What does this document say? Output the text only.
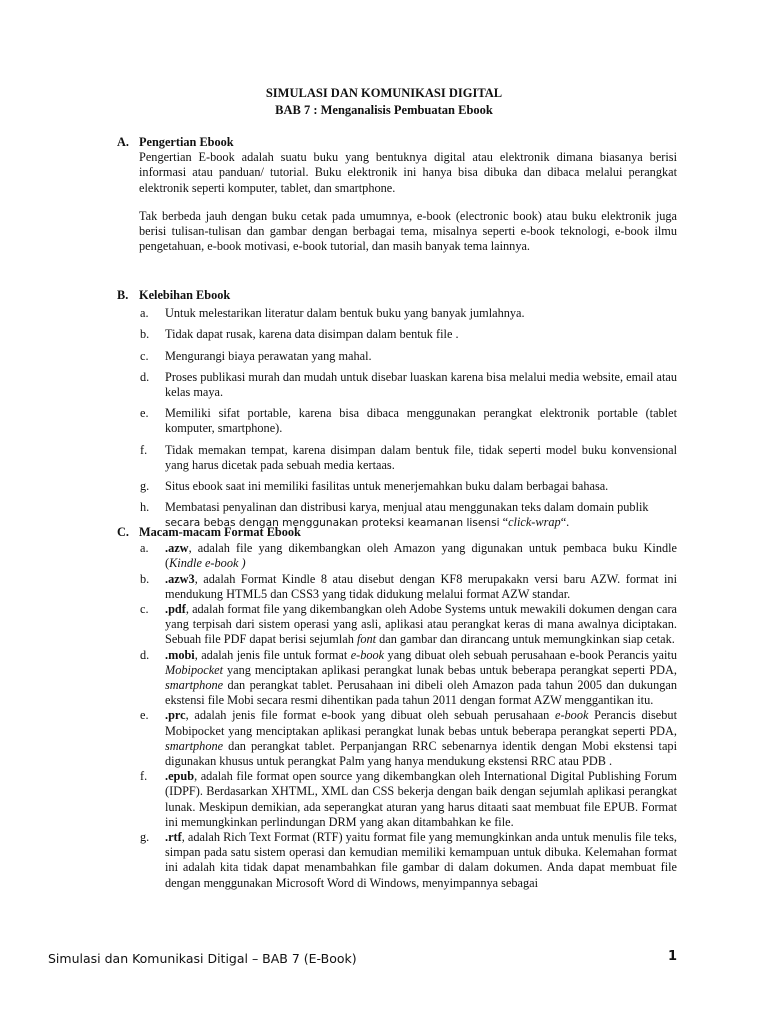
SIMULASI DAN KOMUNIKASI DIGITAL
BAB 7 : Menganalisis Pembuatan Ebook
A. Pengertian Ebook

Pengertian E-book adalah suatu buku yang bentuknya digital atau elektronik dimana biasanya berisi informasi atau panduan/ tutorial. Buku elektronik ini hanya bisa dibuka dan dibaca melalui perangkat elektronik seperti komputer, tablet, dan smartphone.

Tak berbeda jauh dengan buku cetak pada umumnya, e-book (electronic book) atau buku elektronik juga berisi tulisan-tulisan dan gambar dengan berbagai tema, misalnya seperti e-book teknologi, e-book ilmu pengetahuan, e-book motivasi, e-book tutorial, dan masih banyak tema lainnya.

B. Kelebihan Ebook
a.	Untuk melestarikan literatur dalam bentuk buku yang banyak jumlahnya.
b.	Tidak dapat rusak, karena data disimpan dalam bentuk file .
c.	Mengurangi biaya perawatan yang mahal.
d.	Proses publikasi murah dan mudah untuk disebar luaskan karena bisa melalui media website, email atau kelas maya.
e.	Memiliki sifat portable, karena bisa dibaca menggunakan perangkat elektronik portable (tablet komputer, smartphone).
f.	Tidak memakan tempat, karena disimpan dalam bentuk file, tidak seperti model buku konvensional yang harus dicetak pada sebuah media kertaas.
g.	Situs ebook saat ini memiliki fasilitas untuk menerjemahkan buku dalam berbagai bahasa.
h.	Membatasi penyalinan dan distribusi karya, menjual atau menggunakan teks dalam domain publik
secara bebas dengan menggunakan proteksi keamanan lisensi “click-wrap“.
C. Macam-macam Format Ebook
a.	.azw, adalah file yang dikembangkan oleh Amazon yang digunakan untuk pembaca buku Kindle (Kindle e-book )
b.	.azw3, adalah Format Kindle 8 atau disebut dengan KF8 merupakakn versi baru AZW. format ini mendukung HTML5 dan CSS3 yang tidak didukung melalui format AZW standar.
c.	.pdf, adalah format file yang dikembangkan oleh Adobe Systems untuk mewakili dokumen dengan cara yang terpisah dari sistem operasi yang asli, aplikasi atau perangkat keras di mana awalnya diciptakan. Sebuah file PDF dapat berisi sejumlah font dan gambar dan dirancang untuk memungkinkan siap cetak.
d.	.mobi, adalah jenis file untuk format e-book yang dibuat oleh sebuah perusahaan e-book Perancis yaitu Mobipocket yang menciptakan aplikasi perangkat lunak bebas untuk beberapa perangkat seperti PDA, smartphone dan perangkat tablet. Perusahaan ini dibeli oleh Amazon pada tahun 2005 dan dukungan ekstensi file Mobi secara resmi dihentikan pada tahun 2011 dengan format AZW menggantikan itu.
e.	.prc, adalah jenis file format e-book yang dibuat oleh sebuah perusahaan e-book Perancis disebut Mobipocket yang menciptakan aplikasi perangkat lunak bebas untuk beberapa perangkat seperti PDA, smartphone dan perangkat tablet. Perpanjangan RRC sebenarnya identik dengan Mobi ekstensi tapi digunakan khusus untuk perangkat Palm yang hanya mendukung ekstensi RRC atau PDB .
f.	.epub, adalah file format open source yang dikembangkan oleh International Digital Publishing Forum (IDPF). Berdasarkan XHTML, XML dan CSS bekerja dengan baik dengan sejumlah aplikasi perangkat lunak. Meskipun demikian, ada seperangkat aturan yang harus ditaati saat membuat file EPUB. Format ini memungkinkan perlindungan DRM yang akan ditambahkan ke file.
g.	.rtf, adalah Rich Text Format (RTF) yaitu format file yang memungkinkan anda untuk menulis file teks, simpan pada satu sistem operasi dan kemudian memiliki kemampuan untuk dibuka. Kelemahan format ini adalah kita tidak dapat menambahkan file gambar di dalam dokumen. Anda dapat membuat file dengan menggunakan Microsoft Word di Windows, menyimpannya sebagai
Simulasi dan Komunikasi Ditigal – BAB 7 (E-Book)	1
